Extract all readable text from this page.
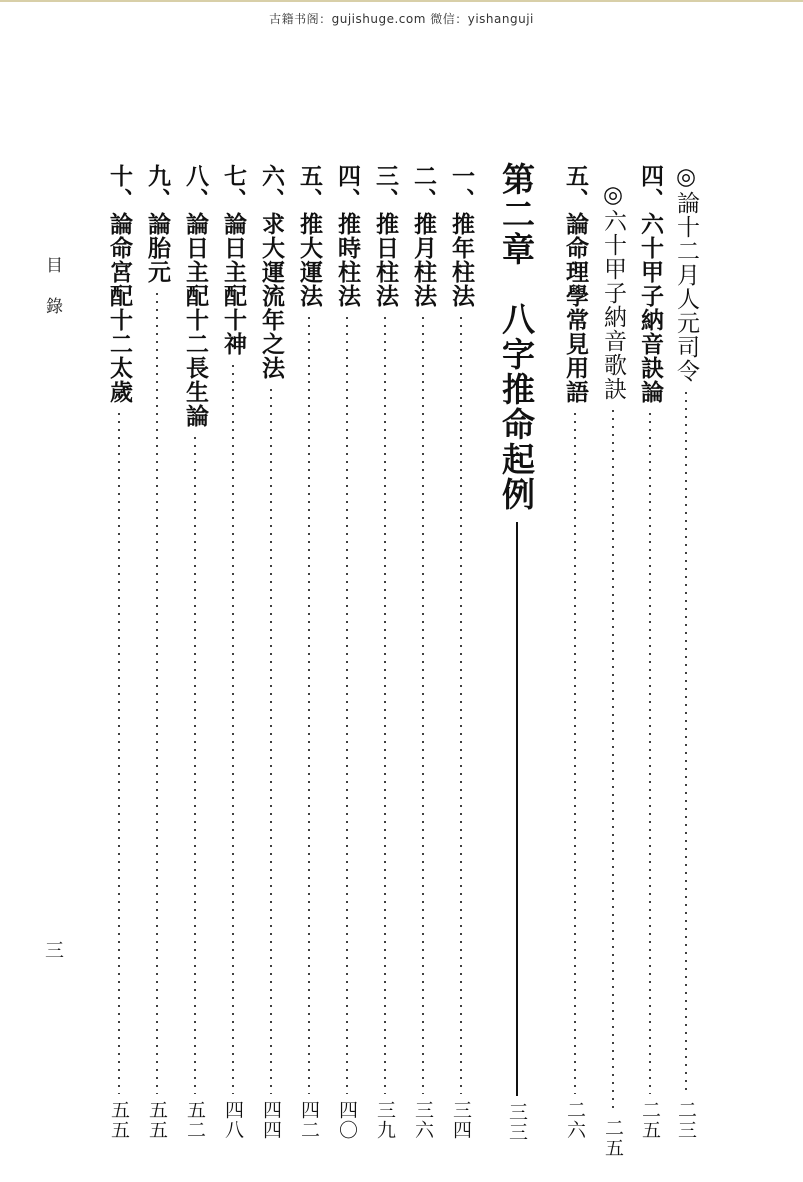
古籍书阁：gujishuge.com 微信：yishanguji
目錄
三
◎論十二月人元司令
二三
四、六十甲子納音訣論
二五
◎六十甲子納音歌訣
二五
五、論命理學常見用語
二六
第二章　八字推命起例
三三
一、推年柱法
三四
二、推月柱法
三六
三、推日柱法
三九
四、推時柱法
四〇
五、推大運法
四二
六、求大運流年之法
四四
七、論日主配十神
四八
八、論日主配十二長生論
五二
九、論胎元
五五
十、論命宮配十二太歲
五五
